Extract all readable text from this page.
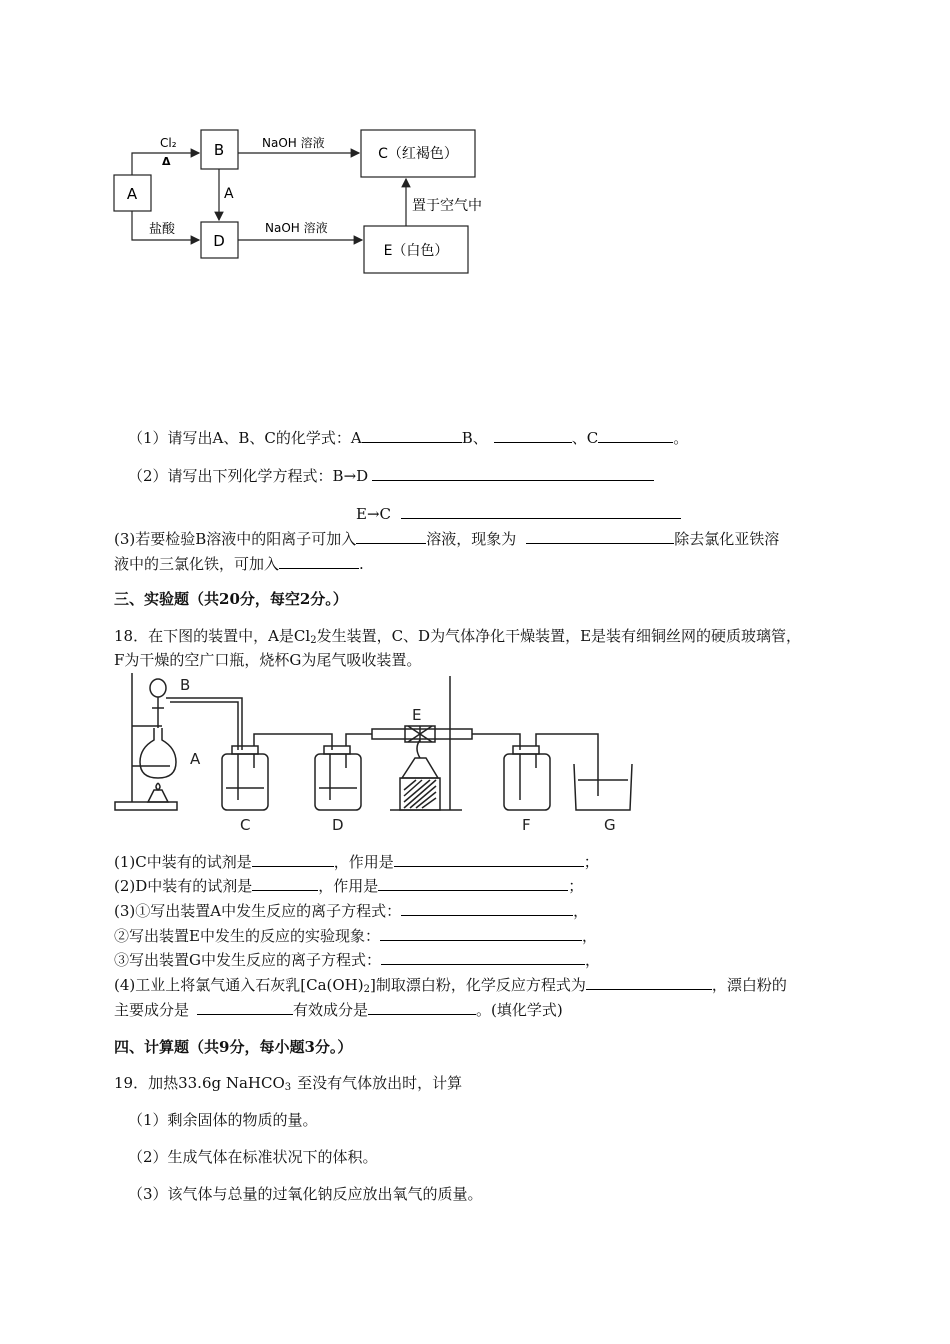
A
B	C（红褐色）
D
E（白色）
Cl₂
Δ
盐酸
A
NaOH 溶液
NaOH 溶液
置于空气中
（1）请写出A、B、C的化学式：A	B、	、C	。
（2）请写出下列化学方程式：B→D
E→C
(3)若要检验B溶液中的阳离子可加入	溶液，现象为	除去氯化亚铁溶
液中的三氯化铁，可加入	.
三、实验题（共20分，每空2分。）
18．在下图的装置中，A是$Cl_2$发生装置，C、D为气体净化干燥装置，E是装有细铜丝网的硬质玻璃管，
F为干燥的空广口瓶，烧杯G为尾气吸收装置。
B
A
C	D
E
F	G
(1)C中装有的试剂是	，作用是	；
(2)D中装有的试剂是	，作用是	；
(3)①写出装置A中发生反应的离子方程式：	，
②写出装置E中发生的反应的实验现象：	，
③写出装置G中发生反应的离子方程式：	，
(4)工业上将氯气通入石灰乳$[Ca(OH)_2]$制取漂白粉，化学反应方程式为	，漂白粉的
主要成分是	有效成分是	。(填化学式)
四、计算题（共9分，每小题3分。）
19．加热33.6g NaHCO$_3$ 至没有气体放出时，计算
（1）剩余固体的物质的量。
（2）生成气体在标准状况下的体积。
（3）该气体与总量的过氧化钠反应放出氧气的质量。
